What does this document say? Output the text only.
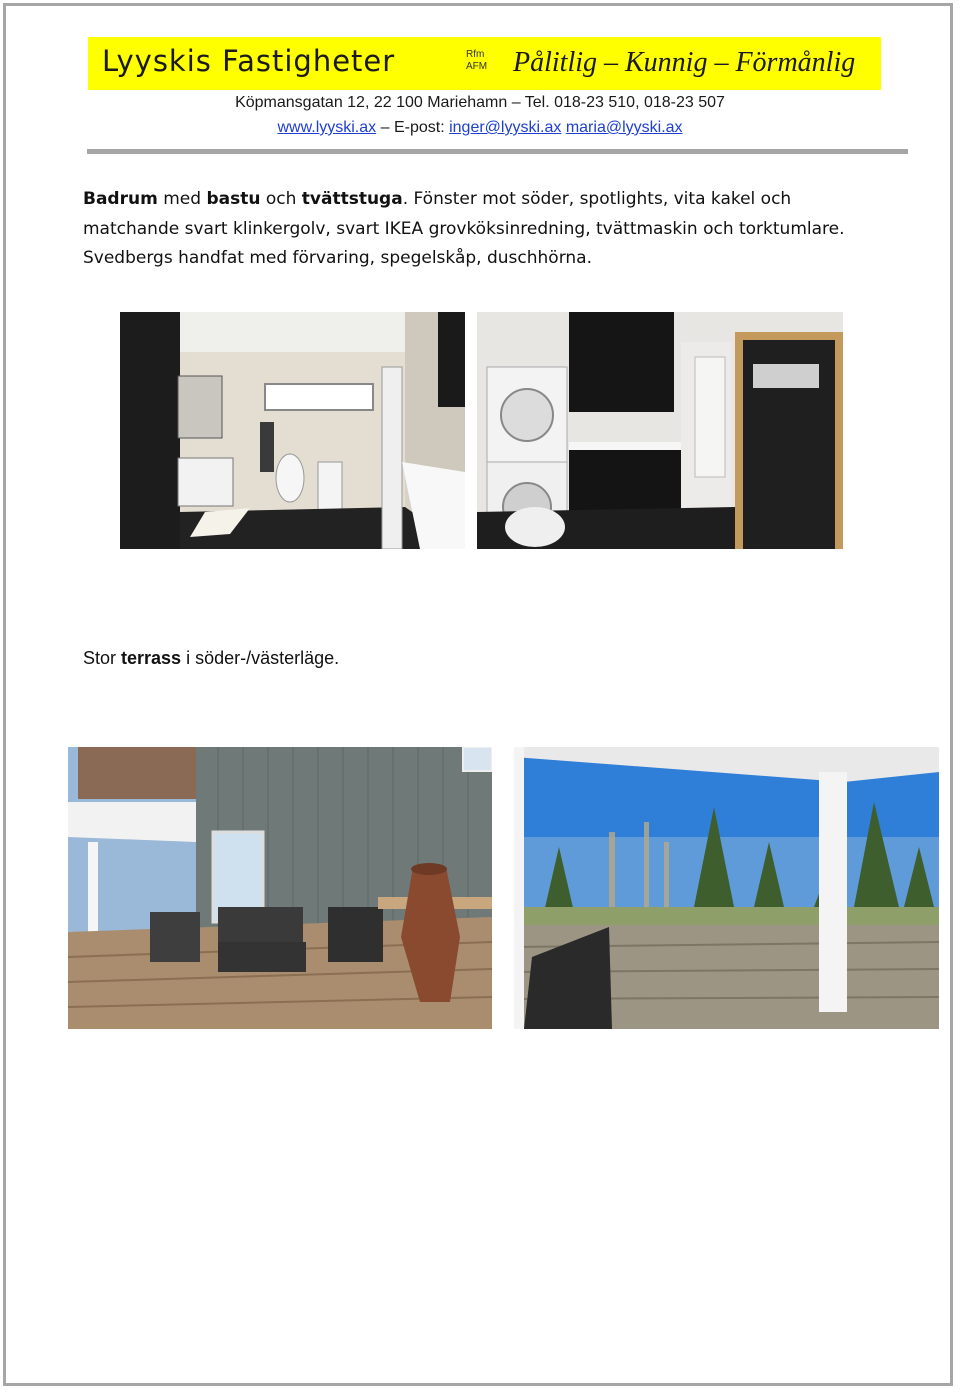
Lyyskis Fastigheter	Rfm
AFM Pålitlig – Kunnig – Förmånlig
Köpmansgatan 12, 22 100 Mariehamn – Tel. 018-23 510, 018-23 507
www.lyyski.ax – E-post: inger@lyyski.ax maria@lyyski.ax
Badrum med bastu och tvättstuga. Fönster mot söder, spotlights, vita kakel och matchande svart klinkergolv, svart IKEA grovköksinredning, tvättmaskin och torktumlare. Svedbergs handfat med förvaring, spegelskåp, duschhörna.
Stor terrass i söder-/västerläge.
